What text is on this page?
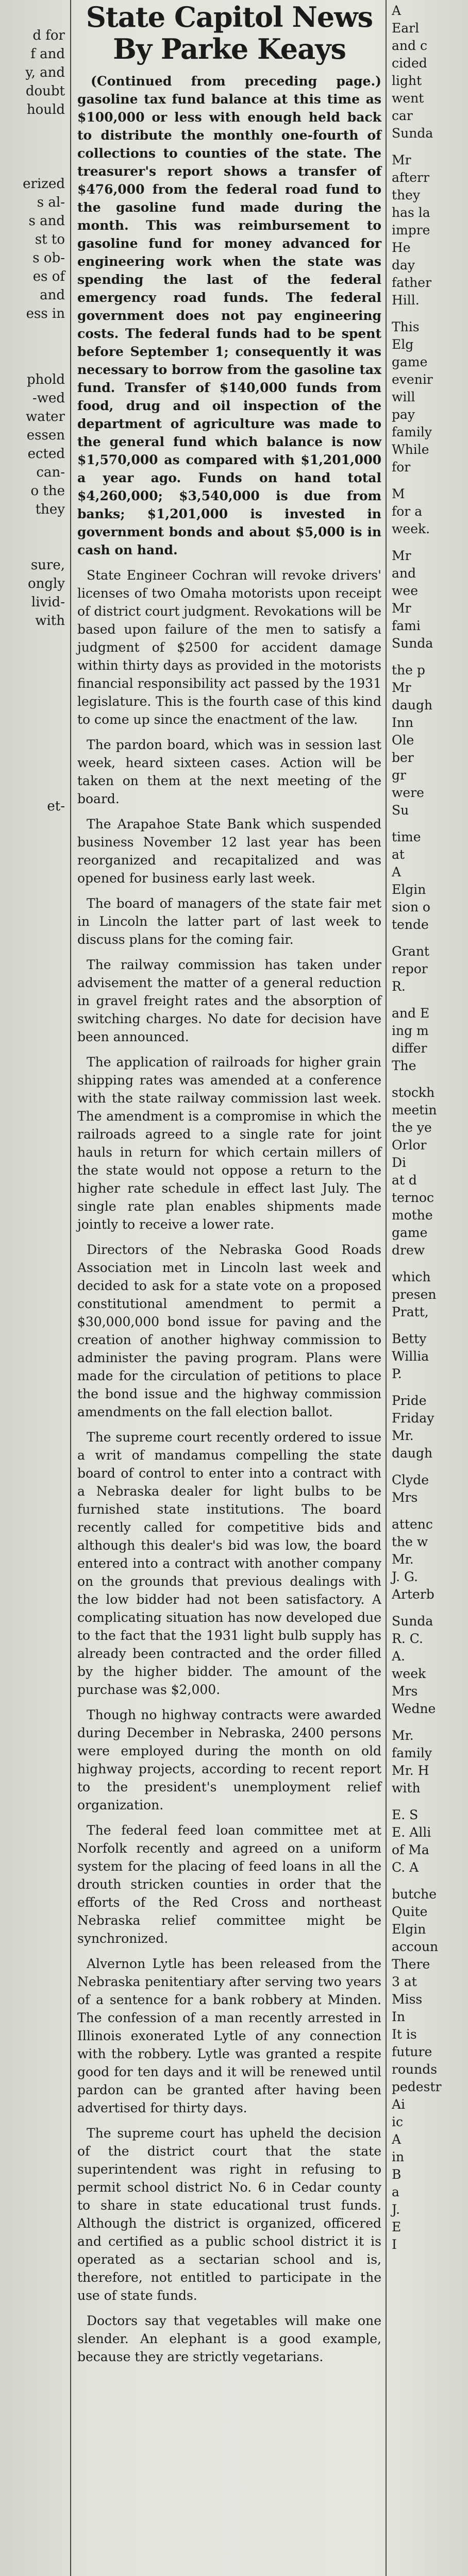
d for
f and
y, and
doubt
hould
erized
s al-
s and
st to
s ob-
es of
and
ess in
phold
-wed
water
essen
ected
can-
o the
they
sure,
ongly
livid-
with
et-
State Capitol News
By Parke Keays

(Continued from preceding page.) gasoline tax fund balance at this time as $100,000 or less with enough held back to distribute the monthly one-fourth of collections to counties of the state. The treasurer's report shows a transfer of $476,000 from the federal road fund to the gasoline fund made during the month. This was reimbursement to gasoline fund for money advanced for engineering work when the state was spending the last of the federal emergency road funds. The federal government does not pay engineering costs. The federal funds had to be spent before September 1; consequently it was necessary to borrow from the gasoline tax fund. Transfer of $140,000 funds from food, drug and oil inspection of the department of agriculture was made to the general fund which balance is now $1,570,000 as compared with $1,201,000 a year ago. Funds on hand total $4,260,000; $3,540,000 is due from banks; $1,201,000 is invested in government bonds and about $5,000 is in cash on hand.

State Engineer Cochran will revoke drivers' licenses of two Omaha motorists upon receipt of district court judgment. Revokations will be based upon failure of the men to satisfy a judgment of $2500 for accident damage within thirty days as provided in the motorists financial responsibility act passed by the 1931 legislature. This is the fourth case of this kind to come up since the enactment of the law.

The pardon board, which was in session last week, heard sixteen cases. Action will be taken on them at the next meeting of the board.

The Arapahoe State Bank which suspended business November 12 last year has been reorganized and recapitalized and was opened for business early last week.

The board of managers of the state fair met in Lincoln the latter part of last week to discuss plans for the coming fair.

The railway commission has taken under advisement the matter of a general reduction in gravel freight rates and the absorption of switching charges. No date for decision have been announced.

The application of railroads for higher grain shipping rates was amended at a conference with the state railway commission last week. The amendment is a compromise in which the railroads agreed to a single rate for joint hauls in return for which certain millers of the state would not oppose a return to the higher rate schedule in effect last July. The single rate plan enables shipments made jointly to receive a lower rate.

Directors of the Nebraska Good Roads Association met in Lincoln last week and decided to ask for a state vote on a proposed constitutional amendment to permit a $30,000,000 bond issue for paving and the creation of another highway commission to administer the paving program. Plans were made for the circulation of petitions to place the bond issue and the highway commission amendments on the fall election ballot.

The supreme court recently ordered to issue a writ of mandamus compelling the state board of control to enter into a contract with a Nebraska dealer for light bulbs to be furnished state institutions. The board recently called for competitive bids and although this dealer's bid was low, the board entered into a contract with another company on the grounds that previous dealings with the low bidder had not been satisfactory. A complicating situation has now developed due to the fact that the 1931 light bulb supply has already been contracted and the order filled by the higher bidder. The amount of the purchase was $2,000.

Though no highway contracts were awarded during December in Nebraska, 2400 persons were employed during the month on old highway projects, according to recent report to the president's unemployment relief organization.

The federal feed loan committee met at Norfolk recently and agreed on a uniform system for the placing of feed loans in all the drouth stricken counties in order that the efforts of the Red Cross and northeast Nebraska relief committee might be synchronized.

Alvernon Lytle has been released from the Nebraska penitentiary after serving two years of a sentence for a bank robbery at Minden. The confession of a man recently arrested in Illinois exonerated Lytle of any connection with the robbery. Lytle was granted a respite good for ten days and it will be renewed until pardon can be granted after having been advertised for thirty days.

The supreme court has upheld the decision of the district court that the state superintendent was right in refusing to permit school district No. 6 in Cedar county to share in state educational trust funds. Although the district is organized, officered and certified as a public school district it is operated as a sectarian school and is, therefore, not entitled to participate in the use of state funds.

Doctors say that vegetables will make one slender. An elephant is a good example, because they are strictly vegetarians.

A
Earl
and c
cided
light
went
car
Sunda
Mr
afterr
they
has la
impre
He
day
father
Hill.
This
Elg
game
evenir
will
pay
family
While
for
M
for a
week.
Mr
and
wee
Mr
fami
Sunda
the p
Mr
daugh
Inn
Ole
ber
gr
were
Su
time
at
A
Elgin
sion o
tende
Grant
repor
R.
and E
ing m
differ
The
stockh
meetin
the ye
Orlor
Di
at d
ternoc
mothe
game
drew
which
presen
Pratt,
Betty
Willia
P.
Pride
Friday
Mr.
daugh
Clyde
Mrs
attenc
the w
Mr.
J. G.
Arterb
Sunda
R. C.
A.
week
Mrs
Wedne
Mr.
family
Mr. H
with
E. S
E. Alli
of Ma
C. A
butche
Quite
Elgin
accoun
There
3 at
Miss
In
It is
future
rounds
pedestr
Ai
ic
A
in
B
a
J.
E
I
